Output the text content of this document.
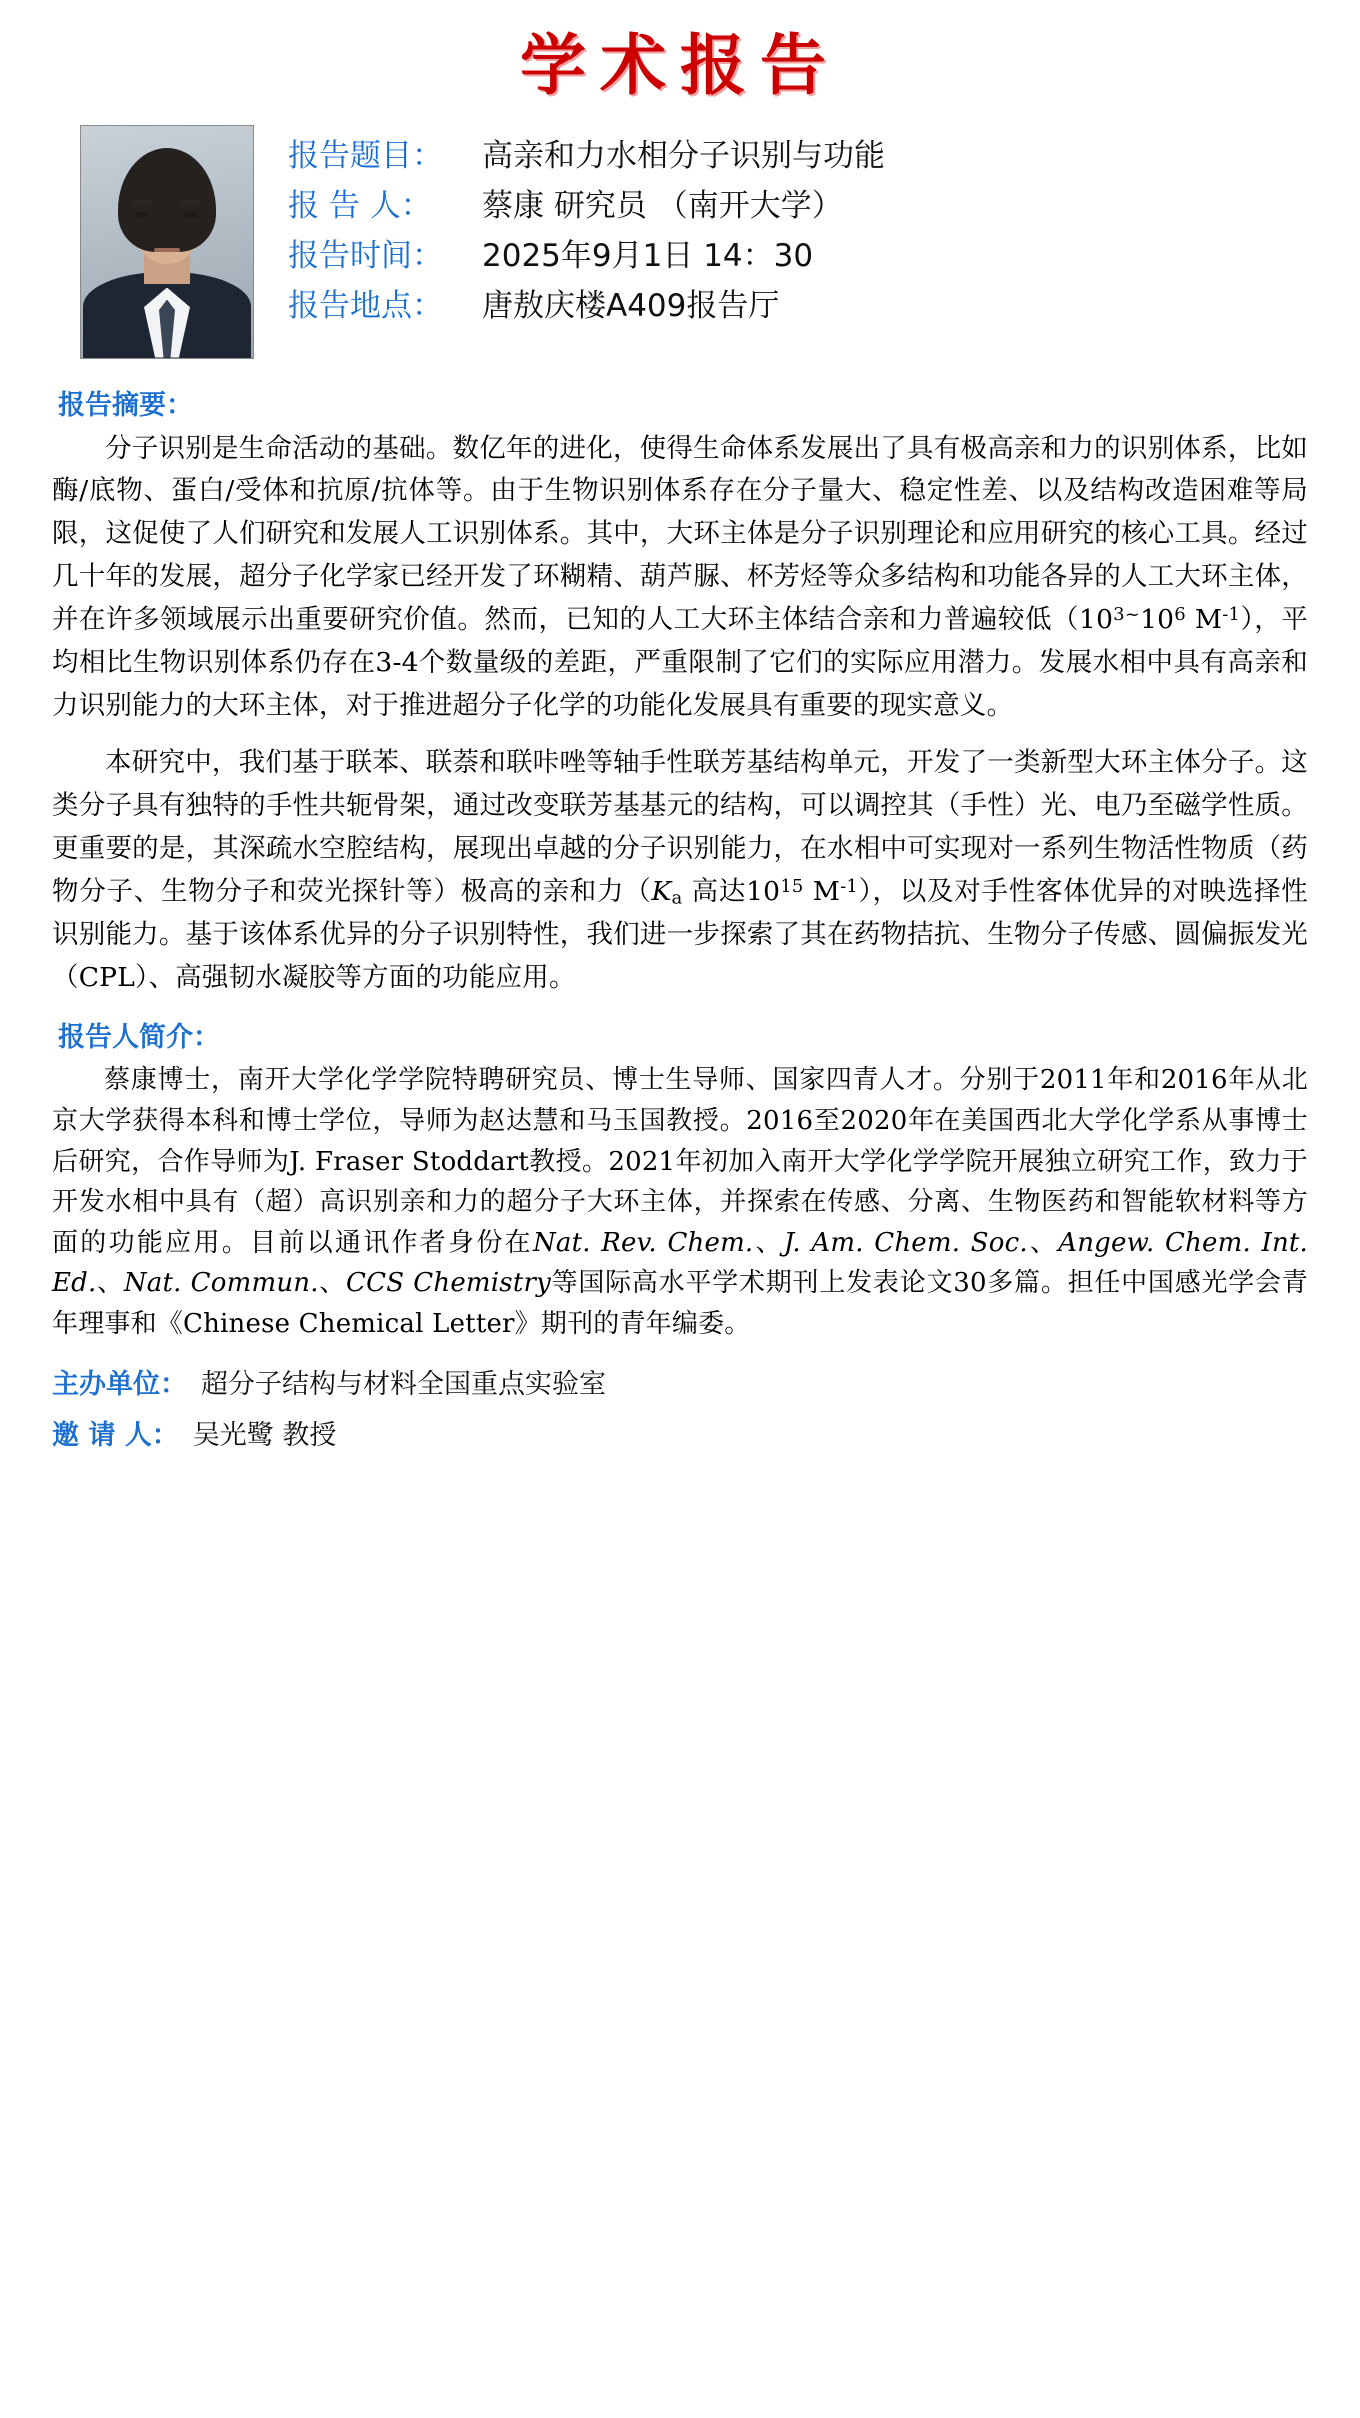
学术报告
报告题目：	高亲和力水相分子识别与功能
报 告 人：	蔡康 研究员 （南开大学）
报告时间：	2025年9月1日 14：30
报告地点：	唐敖庆楼A409报告厅
报告摘要：

分子识别是生命活动的基础。数亿年的进化，使得生命体系发展出了具有极高亲和力的识别体系，比如酶/底物、蛋白/受体和抗原/抗体等。由于生物识别体系存在分子量大、稳定性差、以及结构改造困难等局限，这促使了人们研究和发展人工识别体系。其中，大环主体是分子识别理论和应用研究的核心工具。经过几十年的发展，超分子化学家已经开发了环糊精、葫芦脲、杯芳烃等众多结构和功能各异的人工大环主体，并在许多领域展示出重要研究价值。然而，已知的人工大环主体结合亲和力普遍较低（$10^{3\sim}10^6$ $M^{-1}$），平均相比生物识别体系仍存在3-4个数量级的差距，严重限制了它们的实际应用潜力。发展水相中具有高亲和力识别能力的大环主体，对于推进超分子化学的功能化发展具有重要的现实意义。

本研究中，我们基于联苯、联萘和联咔唑等轴手性联芳基结构单元，开发了一类新型大环主体分子。这类分子具有独特的手性共轭骨架，通过改变联芳基基元的结构，可以调控其（手性）光、电乃至磁学性质。更重要的是，其深疏水空腔结构，展现出卓越的分子识别能力，在水相中可实现对一系列生物活性物质（药物分子、生物分子和荧光探针等）极高的亲和力（$K_a$ 高达$10^{15}$ $M^{-1}$），以及对手性客体优异的对映选择性识别能力。基于该体系优异的分子识别特性，我们进一步探索了其在药物拮抗、生物分子传感、圆偏振发光（CPL）、高强韧水凝胶等方面的功能应用。

报告人简介：

蔡康博士，南开大学化学学院特聘研究员、博士生导师、国家四青人才。分别于2011年和2016年从北京大学获得本科和博士学位，导师为赵达慧和马玉国教授。2016至2020年在美国西北大学化学系从事博士后研究，合作导师为J. Fraser Stoddart教授。2021年初加入南开大学化学学院开展独立研究工作，致力于开发水相中具有（超）高识别亲和力的超分子大环主体，并探索在传感、分离、生物医药和智能软材料等方面的功能应用。目前以通讯作者身份在Nat. Rev. Chem.、J. Am. Chem. Soc.、Angew. Chem. Int. Ed.、Nat. Commun.、CCS Chemistry等国际高水平学术期刊上发表论文30多篇。担任中国感光学会青年理事和《Chinese Chemical Letter》期刊的青年编委。

主办单位： 超分子结构与材料全国重点实验室
邀 请 人： 吴光鹭 教授
